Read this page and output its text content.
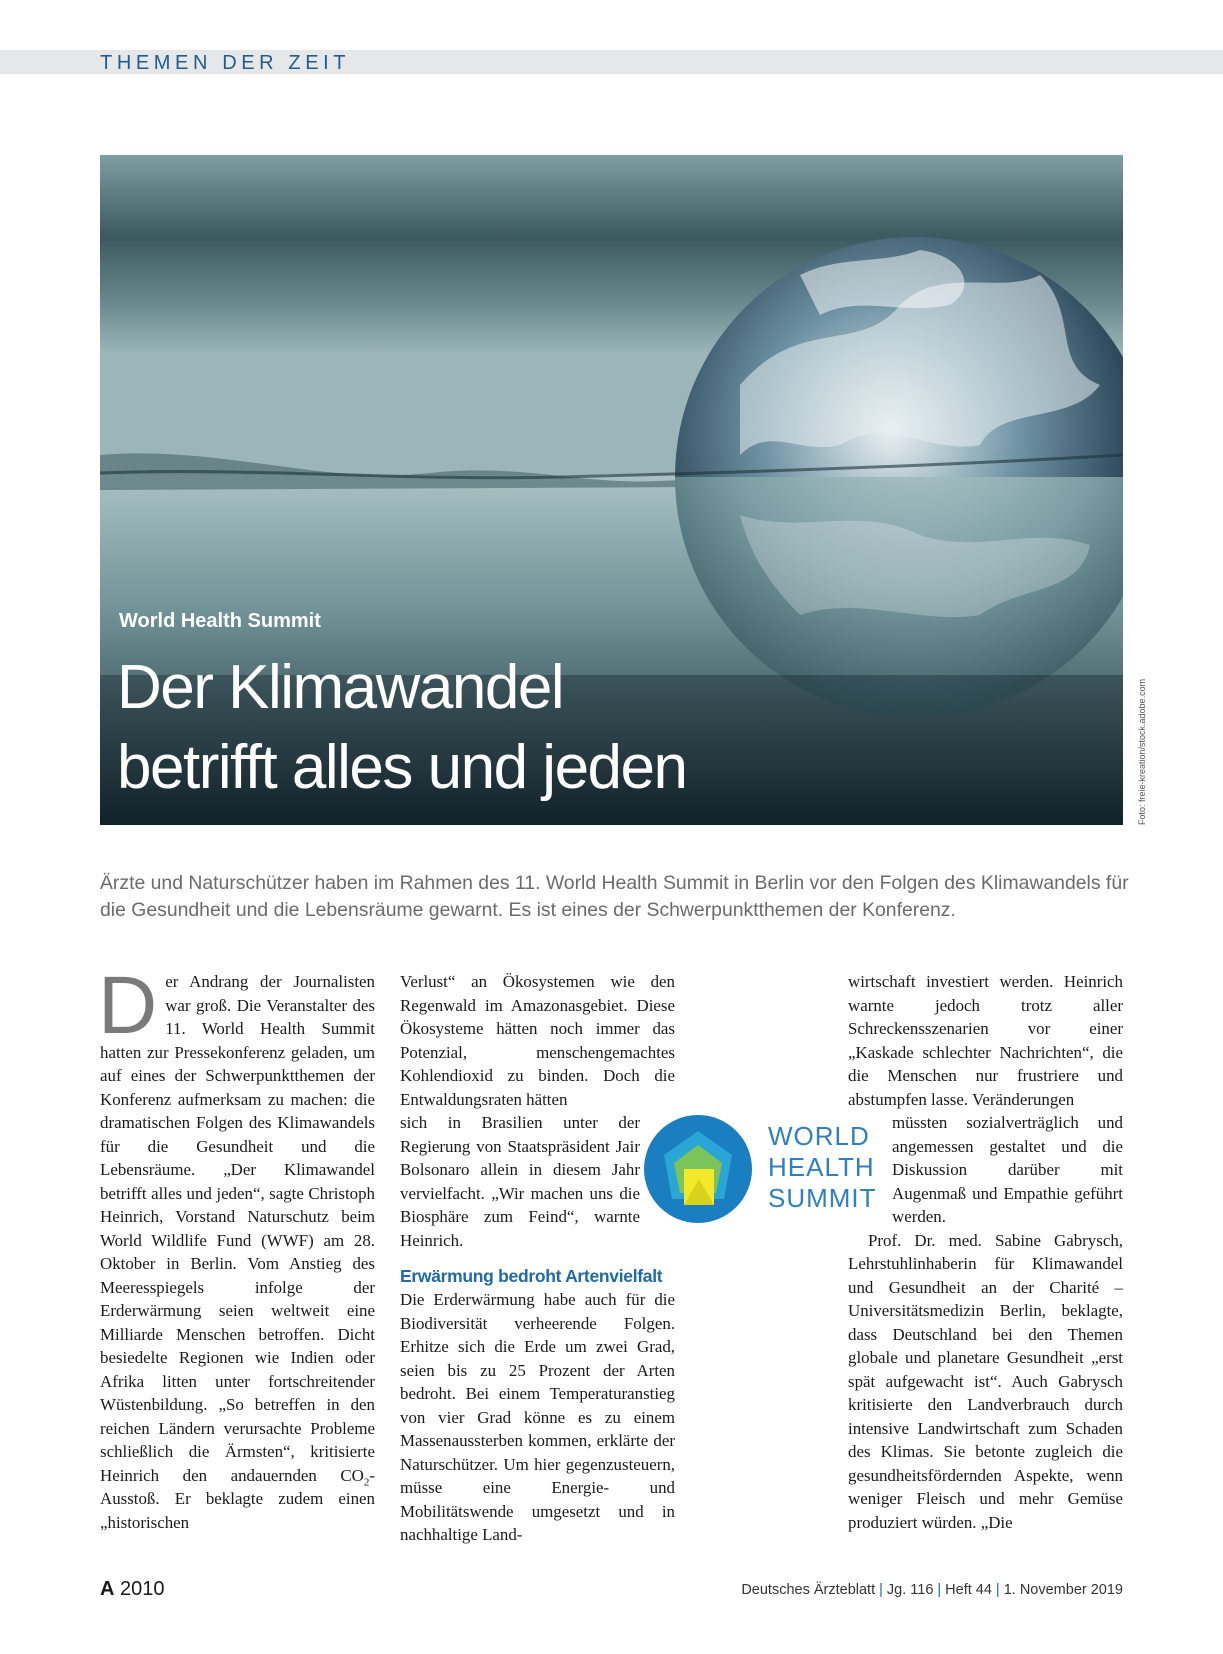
THEMEN DER ZEIT
World Health Summit
Der Klimawandel
betrifft alles und jeden	Foto: freie-kreation/stock.adobe.com

Ärzte und Naturschützer haben im Rahmen des 11. World Health Summit in Berlin vor den Folgen des Klimawandels für die Gesundheit und die Lebensräume gewarnt. Es ist eines der Schwerpunktthemen der Konferenz.

Der Andrang der Journalisten war groß. Die Veranstalter des 11. World Health Summit hatten zur Pressekonferenz geladen, um auf eines der Schwerpunktthemen der Konferenz aufmerksam zu machen: die dramatischen Folgen des Klimawandels für die Gesundheit und die Lebensräume. „Der Klimawandel betrifft alles und jeden“, sagte Christoph Heinrich, Vorstand Naturschutz beim World Wildlife Fund (WWF) am 28. Oktober in Berlin. Vom Anstieg des Meeresspiegels infolge der Erderwärmung seien weltweit eine Milliarde Menschen betroffen. Dicht besiedelte Regionen wie Indien oder Afrika litten unter fortschreitender Wüstenbildung. „So betreffen in den reichen Ländern verursachte Probleme schließlich die Ärmsten“, kritisierte Heinrich den andauernden $CO_2$-Ausstoß. Er beklagte zudem einen „historischen

Verlust“ an Ökosystemen wie den Regenwald im Amazonasgebiet. Diese Ökosysteme hätten noch immer das Potenzial, menschengemachtes Kohlendioxid zu binden. Doch die Entwaldungsraten hätten

sich in Brasilien unter der Regierung von Staatspräsident Jair Bolsonaro allein in diesem Jahr vervielfacht. „Wir machen uns die Biosphäre zum Feind“, warnte Heinrich.

Erwärmung bedroht Artenvielfalt

Die Erderwärmung habe auch für die Biodiversität verheerende Folgen. Erhitze sich die Erde um zwei Grad, seien bis zu 25 Prozent der Arten bedroht. Bei einem Temperaturanstieg von vier Grad könne es zu einem Massenaussterben kommen, erklärte der Naturschützer. Um hier gegenzusteuern, müsse eine Energie- und Mobilitätswende umgesetzt und in nachhaltige Land-

wirtschaft investiert werden. Heinrich warnte jedoch trotz aller Schreckensszenarien vor einer „Kaskade schlechter Nachrichten“, die die Menschen nur frustriere und abstumpfen lasse. Veränderungen

müssten sozialverträglich und angemessen gestaltet und die Diskussion darüber mit Augenmaß und Empathie geführt werden.

Prof. Dr. med. Sabine Gabrysch, Lehrstuhlinhaberin für Klimawandel und Gesundheit an der Charité – Universitätsmedizin Berlin, beklagte, dass Deutschland bei den Themen globale und planetare Gesundheit „erst spät aufgewacht ist“. Auch Gabrysch kritisierte den Landverbrauch durch intensive Landwirtschaft zum Schaden des Klimas. Sie betonte zugleich die gesundheitsfördernden Aspekte, wenn weniger Fleisch und mehr Gemüse produziert würden. „Die

WORLD
HEALTH
SUMMIT
A 2010	Deutsches Ärzteblatt | Jg. 116 | Heft 44 | 1. November 2019
